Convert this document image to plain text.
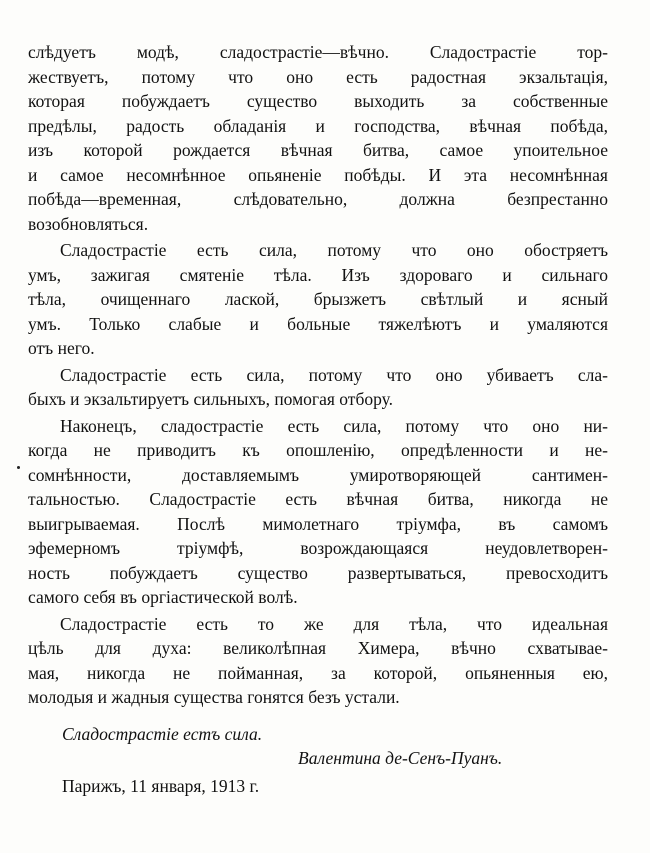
слѣдуетъ модѣ, сладострастіе—вѣчно. Сладострастіе тор-
жествуетъ, потому что оно есть радостная экзальтація,
которая побуждаетъ существо выходить за собственные
предѣлы, радость обладанія и господства, вѣчная побѣда,
изъ которой рождается вѣчная битва, самое упоительное
и самое несомнѣнное опьяненіе побѣды. И эта несомнѣнная
побѣда—временная, слѣдовательно, должна безпрестанно
возобновляться.

Сладострастіе есть сила, потому что оно обостряетъ
умъ, зажигая смятеніе тѣла. Изъ здороваго и сильнаго
тѣла, очищеннаго лаской, брызжетъ свѣтлый и ясный
умъ. Только слабые и больные тяжелѣютъ и умаляются
отъ него.

Сладострастіе есть сила, потому что оно убиваетъ сла-
быхъ и экзальтируетъ сильныхъ, помогая отбору.

Наконецъ, сладострастіе есть сила, потому что оно ни-
когда не приводитъ къ опошленію, опредѣленности и не-
сомнѣнности, доставляемымъ умиротворяющей сантимен-
тальностью. Сладострастіе есть вѣчная битва, никогда не
выигрываемая. Послѣ мимолетнаго тріумфа, въ самомъ
эфемерномъ тріумфѣ, возрождающаяся неудовлетворен-
ность побуждаетъ существо развертываться, превосходитъ
самого себя въ оргіастической волѣ.

Сладострастіе есть то же для тѣла, что идеальная
цѣль для духа: великолѣпная Химера, вѣчно схватывае-
мая, никогда не пойманная, за которой, опьяненныя ею,
молодыя и жадныя существа гонятся безъ устали.

Сладострастіе естъ сила.
Валентина де-Сенъ-Пуанъ.
Парижъ, 11 января, 1913 г.
